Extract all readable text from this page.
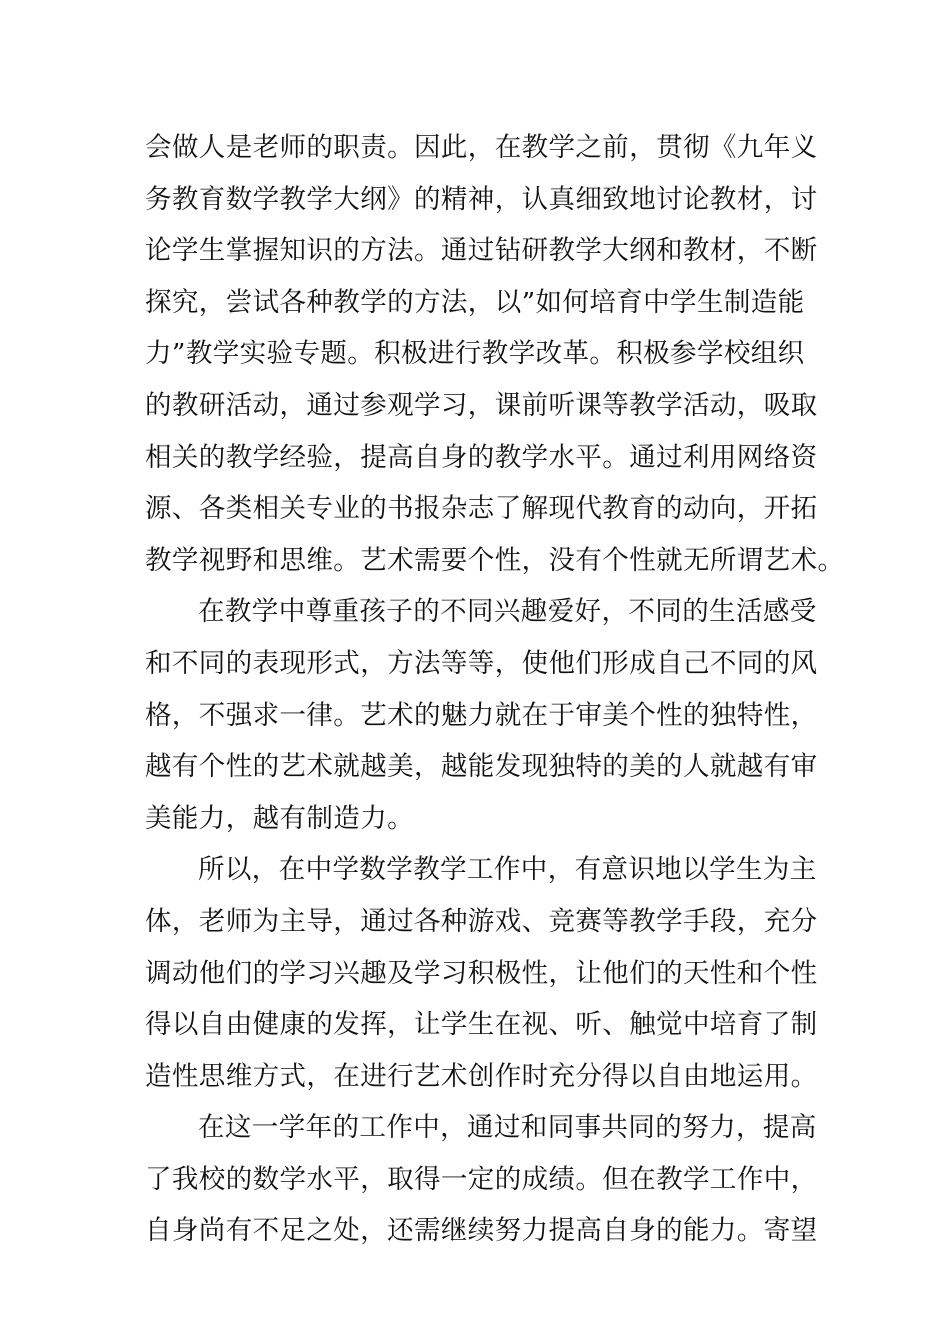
会做人是老师的职责。因此，在教学之前，贯彻《九年义
务教育数学教学大纲》的精神，认真细致地讨论教材，讨
论学生掌握知识的方法。通过钻研教学大纲和教材，不断
探究，尝试各种教学的方法，以”如何培育中学生制造能
力”教学实验专题。积极进行教学改革。积极参学校组织
的教研活动，通过参观学习，课前听课等教学活动，吸取
相关的教学经验，提高自身的教学水平。通过利用网络资
源、各类相关专业的书报杂志了解现代教育的动向，开拓
教学视野和思维。艺术需要个性，没有个性就无所谓艺术。
在教学中尊重孩子的不同兴趣爱好，不同的生活感受
和不同的表现形式，方法等等，使他们形成自己不同的风
格，不强求一律。艺术的魅力就在于审美个性的独特性，
越有个性的艺术就越美，越能发现独特的美的人就越有审
美能力，越有制造力。
所以，在中学数学教学工作中，有意识地以学生为主
体，老师为主导，通过各种游戏、竞赛等教学手段，充分
调动他们的学习兴趣及学习积极性，让他们的天性和个性
得以自由健康的发挥，让学生在视、听、触觉中培育了制
造性思维方式，在进行艺术创作时充分得以自由地运用。
在这一学年的工作中，通过和同事共同的努力，提高
了我校的数学水平，取得一定的成绩。但在教学工作中，
自身尚有不足之处，还需继续努力提高自身的能力。寄望
